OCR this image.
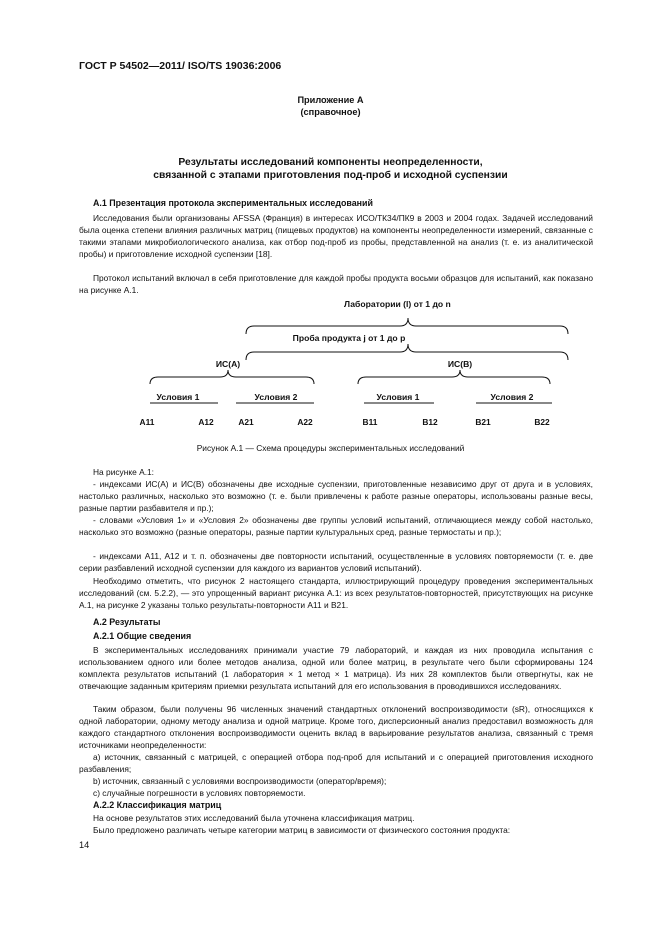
ГОСТ Р 54502—2011/ ISO/TS 19036:2006
Приложение А
(справочное)
Результаты исследований компоненты неопределенности,
связанной с этапами приготовления под-проб и исходной суспензии
А.1 Презентация протокола экспериментальных исследований

Исследования были организованы AFSSA (Франция) в интересах ИСО/ТК34/ПК9 в 2003 и 2004 годах. Задачей исследований была оценка степени влияния различных матриц (пищевых продуктов) на компоненты неопределенности измерений, связанные с такими этапами микробиологического анализа, как отбор под-проб из пробы, представленной на анализ (т. е. из аналитической пробы) и приготовление исходной суспензии [18].

Протокол испытаний включал в себя приготовление для каждой пробы продукта восьми образцов для испытаний, как показано на рисунке А.1.

Лаборатории (l) от 1 до n
Проба продукта j от 1 до p
ИС(А)	ИС(В)
Условия 1	Условия 2	Условия 1	Условия 2
A11	A12	A21	A22	B11	B12	B21	B22
Рисунок А.1 — Схема процедуры экспериментальных исследований

На рисунке А.1:

- индексами ИС(А) и ИС(В) обозначены две исходные суспензии, приготовленные независимо друг от друга и в условиях, настолько различных, насколько это возможно (т. е. были привлечены к работе разные операторы, использованы разные весы, разные партии разбавителя и пр.);

- словами «Условия 1» и «Условия 2» обозначены две группы условий испытаний, отличающиеся между собой настолько, насколько это возможно (разные операторы, разные партии культуральных сред, разные термостаты и пр.);

- индексами A11, A12 и т. п. обозначены две повторности испытаний, осуществленные в условиях повторяемости (т. е. две серии разбавлений исходной суспензии для каждого из вариантов условий испытаний).

Необходимо отметить, что рисунок 2 настоящего стандарта, иллюстрирующий процедуру проведения экспериментальных исследований (см. 5.2.2), — это упрощенный вариант рисунка А.1: из всех результатов-повторностей, присутствующих на рисунке А.1, на рисунке 2 указаны только результаты-повторности A11 и B21.

А.2 Результаты
А.2.1 Общие сведения

В экспериментальных исследованиях принимали участие 79 лабораторий, и каждая из них проводила испытания с использованием одного или более методов анализа, одной или более матриц, в результате чего были сформированы 124 комплекта результатов испытаний (1 лаборатория × 1 метод × 1 матрица). Из них 28 комплектов были отвергнуты, как не отвечающие заданным критериям приемки результата испытаний для его использования в проводившихся исследованиях.

Таким образом, были получены 96 численных значений стандартных отклонений воспроизводимости (sR), относящихся к одной лаборатории, одному методу анализа и одной матрице. Кроме того, дисперсионный анализ предоставил возможность для каждого стандартного отклонения воспроизводимости оценить вклад в варьирование результатов анализа, связанный с тремя источниками неопределенности:

а) источник, связанный с матрицей, с операцией отбора под-проб для испытаний и с операцией приготовления исходного разбавления;

b) источник, связанный с условиями воспроизводимости (оператор/время);

с) случайные погрешности в условиях повторяемости.

А.2.2 Классификация матриц

На основе результатов этих исследований была уточнена классификация матриц.

Было предложено различать четыре категории матриц в зависимости от физического состояния продукта:

14
